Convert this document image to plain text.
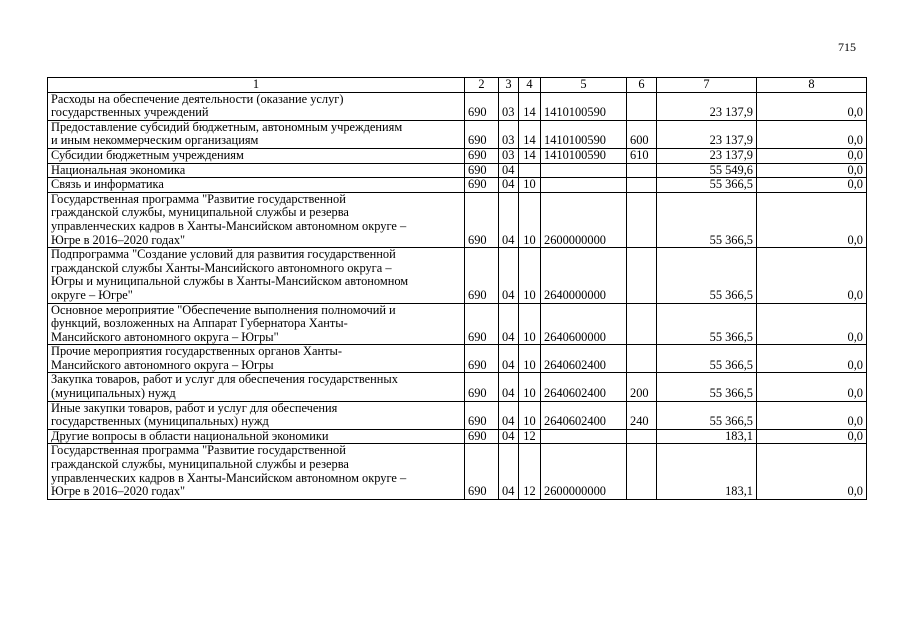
715
1	2	3	4	5	6	7	8
Расходы на обеспечение деятельности (оказание услуг)
государственных учреждений	690	03	14	1410100590		23 137,9	0,0
Предоставление субсидий бюджетным, автономным учреждениям
и иным некоммерческим организациям	690	03	14	1410100590	600	23 137,9	0,0
Субсидии бюджетным учреждениям	690	03	14	1410100590	610	23 137,9	0,0
Национальная экономика	690	04				55 549,6	0,0
Связь и информатика	690	04	10			55 366,5	0,0
Государственная программа "Развитие государственной
гражданской службы, муниципальной службы и резерва
управленческих кадров в Ханты-Мансийском автономном округе –
Югре в 2016–2020 годах"	690	04	10	2600000000		55 366,5	0,0
Подпрограмма "Создание условий для развития государственной
гражданской службы Ханты-Мансийского автономного округа –
Югры и муниципальной службы в Ханты-Мансийском автономном
округе – Югре"	690	04	10	2640000000		55 366,5	0,0
Основное мероприятие "Обеспечение выполнения полномочий и
функций, возложенных на Аппарат Губернатора Ханты-
Мансийского автономного округа – Югры"	690	04	10	2640600000		55 366,5	0,0
Прочие мероприятия государственных органов Ханты-
Мансийского автономного округа – Югры	690	04	10	2640602400		55 366,5	0,0
Закупка товаров, работ и услуг для обеспечения государственных
(муниципальных) нужд	690	04	10	2640602400	200	55 366,5	0,0
Иные закупки товаров, работ и услуг для обеспечения
государственных (муниципальных) нужд	690	04	10	2640602400	240	55 366,5	0,0
Другие вопросы в области национальной экономики	690	04	12			183,1	0,0
Государственная программа "Развитие государственной
гражданской службы, муниципальной службы и резерва
управленческих кадров в Ханты-Мансийском автономном округе –
Югре в 2016–2020 годах"	690	04	12	2600000000		183,1	0,0
